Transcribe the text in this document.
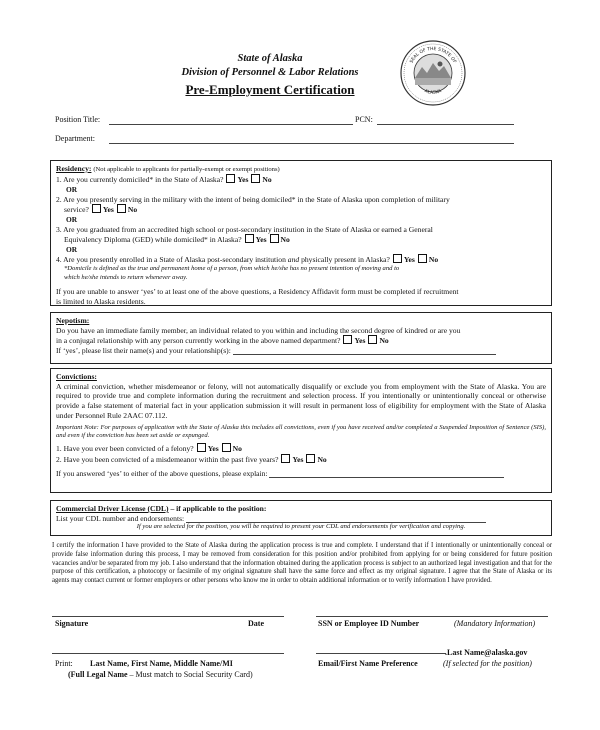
State of Alaska
Division of Personnel & Labor Relations
Pre-Employment Certification
SEAL OF THE STATE OF
ALASKA
Position Title:	PCN:
Department:
Residency: (Not applicable to applicants for partially-exempt or exempt positions)
1. Are you currently domiciled* in the State of Alaska? Yes No
OR
2. Are you presently serving in the military with the intent of being domiciled* in the State of Alaska upon completion of military
service? Yes No
OR
3. Are you graduated from an accredited high school or post-secondary institution in the State of Alaska or earned a General
Equivalency Diploma (GED) while domiciled* in Alaska? Yes No
OR
4. Are you presently enrolled in a State of Alaska post-secondary institution and physically present in Alaska? Yes No
*Domicile is defined as the true and permanent home of a person, from which he/she has no present intention of moving and to
which he/she intends to return whenever away.
If you are unable to answer ‘yes’ to at least one of the above questions, a Residency Affidavit form must be completed if recruitment
is limited to Alaska residents.
Nepotism:
Do you have an immediate family member, an individual related to you within and including the second degree of kindred or are you
in a conjugal relationship with any person currently working in the above named department? Yes No
If ‘yes’, please list their name(s) and your relationship(s):
Convictions:
A criminal conviction, whether misdemeanor or felony, will not automatically disqualify or exclude you from employment with the State of Alaska. You are required to provide true and complete information during the recruitment and selection process. If you intentionally or unintentionally conceal or otherwise provide a false statement of material fact in your application submission it will result in permanent loss of eligibility for employment with the State of Alaska under Personnel Rule 2AAC 07.112.
Important Note: For purposes of application with the State of Alaska this includes all convictions, even if you have received and/or completed a Suspended Imposition of Sentence (SIS), and even if the conviction has been set aside or expunged.
1. Have you ever been convicted of a felony? Yes No
2. Have you been convicted of a misdemeanor within the past five years? Yes No
If you answered ‘yes’ to either of the above questions, please explain:
Commercial Driver License (CDL) – if applicable to the position:
List your CDL number and endorsements:
If you are selected for the position, you will be required to present your CDL and endorsements for verification and copying.
I certify the information I have provided to the State of Alaska during the application process is true and complete. I understand that if I intentionally or unintentionally conceal or provide false information during this process, I may be removed from consideration for this position and/or prohibited from applying for or being considered for future position vacancies and/or be separated from my job. I also understand that the information obtained during the application process is subject to an authorized legal investigation and that for the purpose of this certification, a photocopy or facsimile of my original signature shall have the same force and effect as my original signature. I agree that the State of Alaska or its agents may contact current or former employers or other persons who know me in order to obtain additional information or to verify information I have provided.
Signature	Date	SSN or Employee ID Number	(Mandatory Information)
.Last Name@alaska.gov
Print: Last Name, First Name, Middle Name/MI	Email/First Name Preference	(If selected for the position)
(Full Legal Name – Must match to Social Security Card)
